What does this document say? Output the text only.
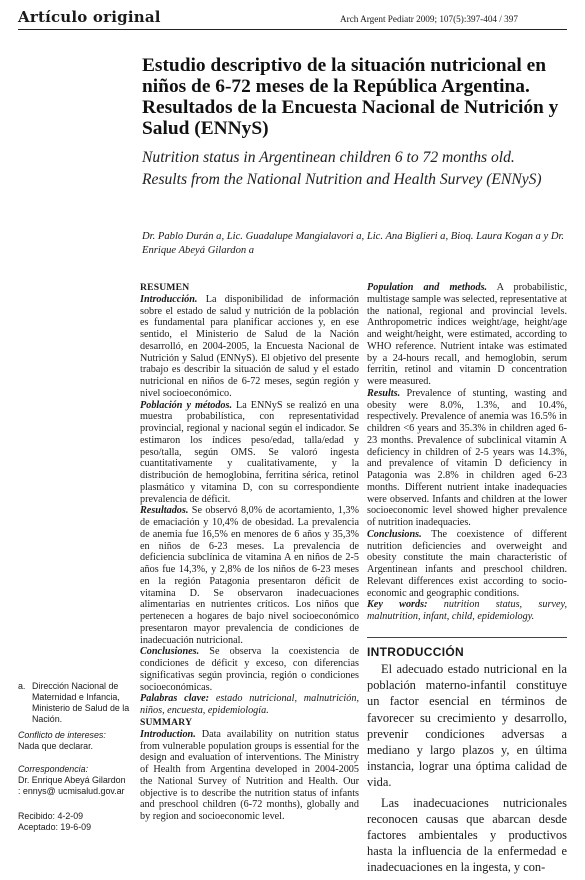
Artículo original	Arch Argent Pediatr 2009; 107(5):397-404 / 397
Estudio descriptivo de la situación nutricional en niños de 6-72 meses de la República Argentina. Resultados de la Encuesta Nacional de Nutrición y Salud (ENNyS)

Nutrition status in Argentinean children 6 to 72 months old. Results from the National Nutrition and Health Survey (ENNyS)

Dr. Pablo Durán a, Lic. Guadalupe Mangialavori a, Lic. Ana Biglieri a, Bioq. Laura Kogan a y Dr. Enrique Abeyá Gilardon a

RESUMEN

Introducción. La disponibilidad de información sobre el estado de salud y nutrición de la población es fundamental para planificar acciones y, en ese sentido, el Ministerio de Salud de la Nación desarrolló, en 2004-2005, la Encuesta Nacional de Nutrición y Salud (ENNyS). El objetivo del presente trabajo es describir la situación de salud y el estado nutricional en niños de 6-72 meses, según región y nivel socioeconómico.

Población y métodos. La ENNyS se realizó en una muestra probabilística, con representatividad provincial, regional y nacional según el indicador. Se estimaron los índices peso/edad, talla/edad y peso/talla, según OMS. Se valoró ingesta cuantitativamente y cualitativamente, y la distribución de hemoglobina, ferritina sérica, retinol plasmático y vitamina D, con su correspondiente prevalencia de déficit.

Resultados. Se observó 8,0% de acortamiento, 1,3% de emaciación y 10,4% de obesidad. La prevalencia de anemia fue 16,5% en menores de 6 años y 35,3% en niños de 6-23 meses. La prevalencia de deficiencia subclínica de vitamina A en niños de 2-5 años fue 14,3%, y 2,8% de los niños de 6-23 meses en la región Patagonia presentaron déficit de vitamina D. Se observaron inadecuaciones alimentarias en nutrientes críticos. Los niños que pertenecen a hogares de bajo nivel socioeconómico presentaron mayor prevalencia de condiciones de inadecuación nutricional.

Conclusiones. Se observa la coexistencia de condiciones de déficit y exceso, con diferencias significativas según provincia, región o condiciones socioeconómicas.

Palabras clave: estado nutricional, malnutrición, niños, encuesta, epidemiología.

SUMMARY

Introduction. Data availability on nutrition status from vulnerable population groups is essential for the design and evaluation of interventions. The Ministry of Health from Argentina developed in 2004-2005 the National Survey of Nutrition and Health. Our objective is to describe the nutrition status of infants and preschool children (6-72 months), globally and by region and socioeconomic level.

Population and methods. A probabilistic, multistage sample was selected, representative at the national, regional and provincial levels. Anthropometric indices weight/age, height/age and weight/height, were estimated, according to WHO reference. Nutrient intake was estimated by a 24-hours recall, and hemoglobin, serum ferritin, retinol and vitamin D concentration were measured.

Results. Prevalence of stunting, wasting and obesity were 8.0%, 1.3%, and 10.4%, respectively. Prevalence of anemia was 16.5% in children <6 years and 35.3% in children aged 6-23 months. Prevalence of subclinical vitamin A deficiency in children of 2-5 years was 14.3%, and prevalence of vitamin D deficiency in Patagonia was 2.8% in children aged 6-23 months. Different nutrient intake inadequacies were observed. Infants and children at the lower socioeconomic level showed higher prevalence of nutrition inadequacies.

Conclusions. The coexistence of different nutrition deficiencies and overweight and obesity constitute the main characteristic of Argentinean infants and preschool children. Relevant differences exist according to socio-economic and geographic conditions.

Key words: nutrition status, survey, malnutrition, infant, child, epidemiology.

a. Dirección Nacional de Maternidad e Infancia, Ministerio de Salud de la Nación.
Conflicto de intereses:
Nada que declarar.
Correspondencia:
Dr. Enrique Abeyá Gilardon : ennys@ ucmisalud.gov.ar
Recibido: 4-2-09
Aceptado: 19-6-09
INTRODUCCIÓN

El adecuado estado nutricional en la población materno-infantil constituye un factor esencial en términos de favorecer su crecimiento y desarrollo, prevenir condiciones adversas a mediano y largo plazos y, en última instancia, lograr una óptima calidad de vida.

Las inadecuaciones nutricionales reconocen causas que abarcan desde factores ambientales y productivos hasta la influencia de la enfermedad e inadecuaciones en la ingesta, y con-
